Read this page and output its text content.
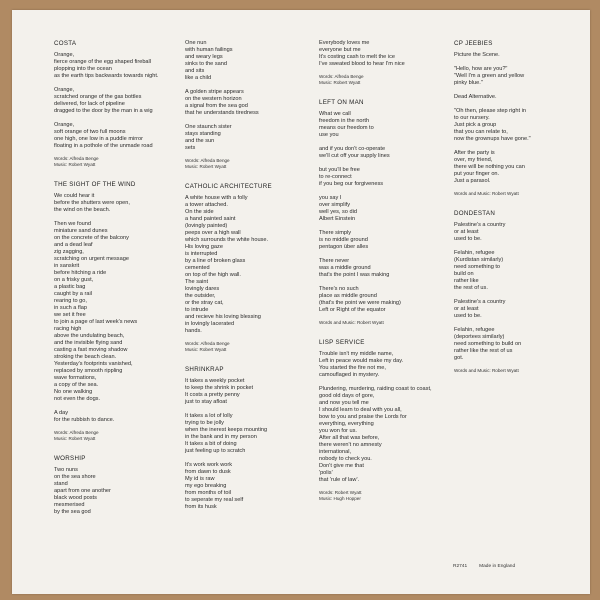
COSTA
Orange,
fierce orange of the egg shaped fireball
plopping into the ocean
as the earth tips backwards towards night.

Orange,
scratched orange of the gas bottles
delivered, for lack of pipeline
dragged to the door by the man in a wig

Orange,
soft orange of two full moons
one high, one low in a puddle mirror
floating in a pothole of the unmade road
Words: Alfreda Benge
Music: Robert Wyatt
THE SIGHT OF THE WIND
We could hear it
before the shutters were open,
the wind on the beach.

Then we found
miniature sand dunes
on the concrete of the balcony
and a dead leaf
zig zagging,
scratching on urgent message
in sanskrit
before hitching a ride
on a frisky gust,
a plastic bag
caught by a rail
rearing to go,
in such a flap
we set it free
to join a page of last week's news
racing high
above the undulating beach,
and the invisible flying sand
casting a fast moving shadow
stroking the beach clean.
Yesterday's footprints vanished,
replaced by smooth rippling
wave formations,
a copy of the sea.
No one walking
not even the dogs.

A day
for the rubbish to dance.
Words: Alfreda Benge
Music: Robert Wyatt
WORSHIP
Two nuns
on the sea shore
stand
apart from one another
black wood posts
mesmerised
by the sea god
One nun
with human failings
and weary legs
sinks to the sand
and sits
like a child

A golden stripe appears
on the western horizon
a signal from the sea god
that he understands tiredness

One staunch sister
stays standing
and the sun
sets
Words: Alfreda Benge
Music: Robert Wyatt
CATHOLIC ARCHITECTURE
A white house with a folly
a tower attached.
On the side
a hand painted saint
(lovingly painted)
peeps over a high wall
which surrounds the white house.
His loving gaze
is interrupted
by a line of broken glass
cemented
on top of the high wall.
The saint
lovingly dares
the outsider,
or the stray cat,
to intrude
and recieve his loving blessing
in lovingly lacerated
hands.
Words: Alfreda Benge
Music: Robert Wyatt
SHRINKRAP
It takes a weekly pocket
to keep the shrink in pocket
It costs a pretty penny
just to stay afloat

It takes a lot of lolly
trying to be jolly
when the inerest keeps mounting
in the bank and in my person
It takes a bit of doing
just feeling up to scratch

It's work work work
from dawn to dusk
My id is raw
my ego breaking
from months of toil
to seperate my real self
from its husk
Everybody loves me
everyone but me
It's costing cash to melt the ice
I've sweated blood to hear I'm nice
Words: Alfreda Benge
Music: Robert Wyatt
LEFT ON MAN
What we call
freedom in the north
means our freedom to
use you

and if you don't co-operate
we'll cut off your supply lines

but you'll be free
to re-connect
if you beg our forgiveness

you say I
over simplify
well yes, so did
Albert Einstein

There simply
is no middle ground
pentagon über alles

There never
was a middle ground
that's the point I was making

There's no such
place as middle ground
(that's the point we were making)
Left or Right of the equator
Words and Music: Robert Wyatt
LISP SERVICE
Trouble isn't my middle name,
Left in peace would make my day.
You started the fire not me,
camouflaged in mystery.

Plundering, murdering, raiding coast to coast,
good old days of gore,
and now you tell me
I should learn to deal with you all,
bow to you and praise the Lords for
everything, everything
you won for us.
After all that was before,
there weren't no amnesty
international,
nobody to check you.
Don't give me that
'polis'
that 'rule of law'.
Words: Robert Wyatt
Music: Hugh Hopper
CP JEEBIES
Picture the Scene.

"Hello, how are you?"
"Well I'm a green and yellow
pinky blue."

Dead Alternative.

"Oh then, please step right in
to our nursery.
Just pick a group
that you can relate to,
now the grownups have gone."

After the party is
over, my friend,
there will be nothing you can
put your finger on.
Just a parasol.
Words and Music: Robert Wyatt
DONDESTAN
Palestine's a country
or at least
used to be.

Felahin, refugee
(Kurdistan similarly)
need something to
build on
rather like
the rest of us.

Palestine's a country
or at least
used to be.

Felahin, refugee
(deportees similarly)
need something to build on
rather like the rest of us
got.
Words and Music: Robert Wyatt
R2741	Made in England
